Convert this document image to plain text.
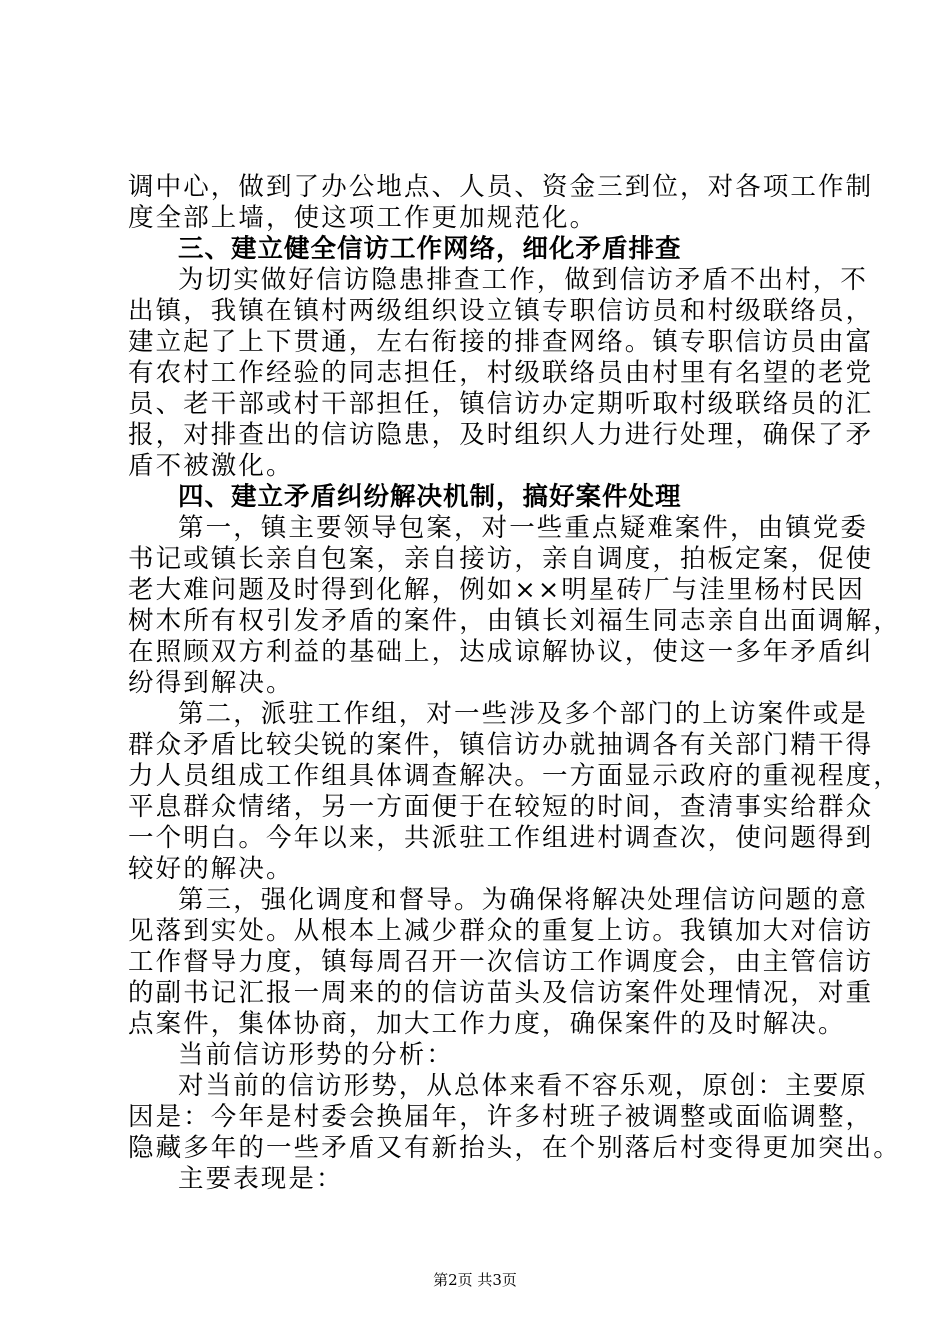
调中心，做到了办公地点、人员、资金三到位，对各项工作制
度全部上墙，使这项工作更加规范化。
三、建立健全信访工作网络，细化矛盾排查
为切实做好信访隐患排查工作，做到信访矛盾不出村，不
出镇，我镇在镇村两级组织设立镇专职信访员和村级联络员，
建立起了上下贯通，左右衔接的排查网络。镇专职信访员由富
有农村工作经验的同志担任，村级联络员由村里有名望的老党
员、老干部或村干部担任，镇信访办定期听取村级联络员的汇
报，对排查出的信访隐患，及时组织人力进行处理，确保了矛
盾不被激化。
四、建立矛盾纠纷解决机制，搞好案件处理
第一，镇主要领导包案，对一些重点疑难案件，由镇党委
书记或镇长亲自包案，亲自接访，亲自调度，拍板定案，促使
老大难问题及时得到化解，例如××明星砖厂与洼里杨村民因
树木所有权引发矛盾的案件，由镇长刘福生同志亲自出面调解，
在照顾双方利益的基础上，达成谅解协议，使这一多年矛盾纠
纷得到解决。
第二，派驻工作组，对一些涉及多个部门的上访案件或是
群众矛盾比较尖锐的案件，镇信访办就抽调各有关部门精干得
力人员组成工作组具体调查解决。一方面显示政府的重视程度，
平息群众情绪，另一方面便于在较短的时间，查清事实给群众
一个明白。今年以来，共派驻工作组进村调查次，使问题得到
较好的解决。
第三，强化调度和督导。为确保将解决处理信访问题的意
见落到实处。从根本上减少群众的重复上访。我镇加大对信访
工作督导力度，镇每周召开一次信访工作调度会，由主管信访
的副书记汇报一周来的的信访苗头及信访案件处理情况，对重
点案件，集体协商，加大工作力度，确保案件的及时解决。
当前信访形势的分析：
对当前的信访形势，从总体来看不容乐观，原创：主要原
因是：今年是村委会换届年，许多村班子被调整或面临调整，
隐藏多年的一些矛盾又有新抬头，在个别落后村变得更加突出。
主要表现是：
第2页 共3页
